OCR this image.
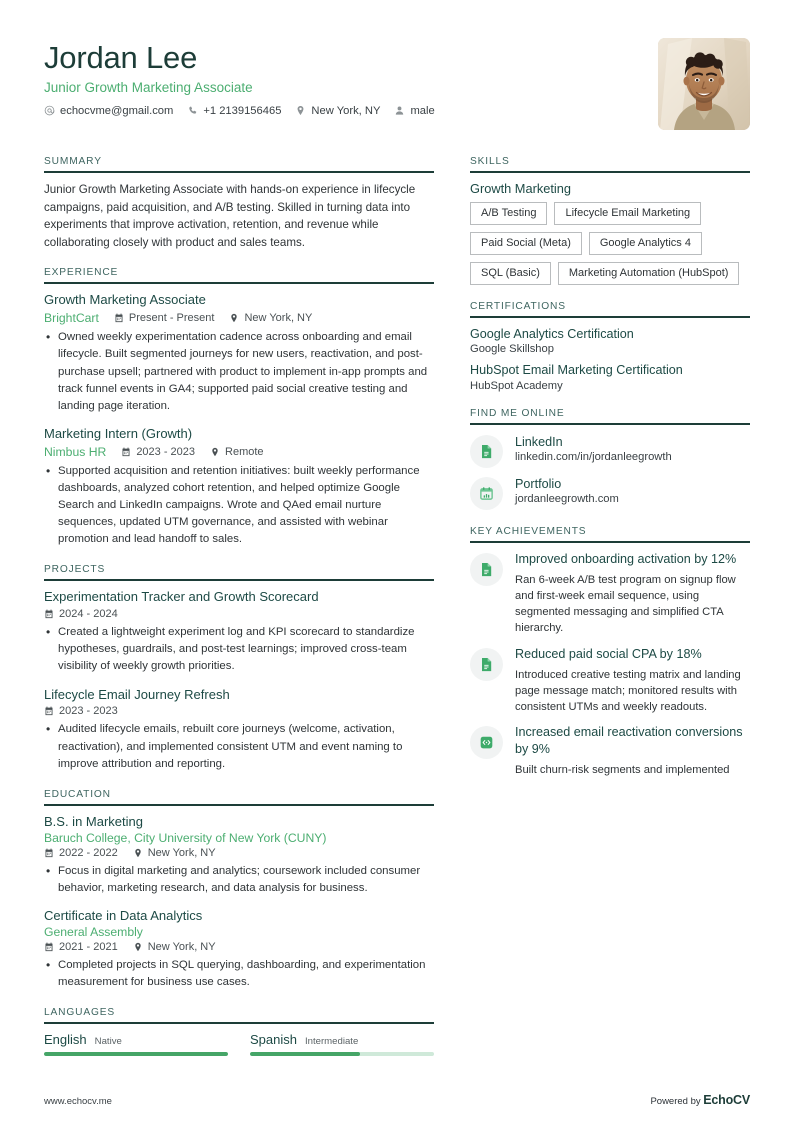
Jordan Lee
Junior Growth Marketing Associate
echocvme@gmail.com	+1 2139156465	New York, NY	male
SUMMARY
Junior Growth Marketing Associate with hands-on experience in lifecycle campaigns, paid acquisition, and A/B testing. Skilled in turning data into experiments that improve activation, retention, and revenue while collaborating closely with product and sales teams.
EXPERIENCE
Growth Marketing Associate
BrightCart	Present - Present	New York, NY
• Owned weekly experimentation cadence across onboarding and email lifecycle. Built segmented journeys for new users, reactivation, and post-purchase upsell; partnered with product to implement in-app prompts and track funnel events in GA4; supported paid social creative testing and landing page iteration.
Marketing Intern (Growth)
Nimbus HR	2023 - 2023	Remote
• Supported acquisition and retention initiatives: built weekly performance dashboards, analyzed cohort retention, and helped optimize Google Search and LinkedIn campaigns. Wrote and QAed email nurture sequences, updated UTM governance, and assisted with webinar promotion and lead handoff to sales.
PROJECTS
Experimentation Tracker and Growth Scorecard
2024 - 2024
• Created a lightweight experiment log and KPI scorecard to standardize hypotheses, guardrails, and post-test learnings; improved cross-team visibility of weekly growth priorities.
Lifecycle Email Journey Refresh
2023 - 2023
• Audited lifecycle emails, rebuilt core journeys (welcome, activation, reactivation), and implemented consistent UTM and event naming to improve attribution and reporting.
EDUCATION
B.S. in Marketing
Baruch College, City University of New York (CUNY)
2022 - 2022	New York, NY
• Focus in digital marketing and analytics; coursework included consumer behavior, marketing research, and data analysis for business.
Certificate in Data Analytics
General Assembly
2021 - 2021	New York, NY
• Completed projects in SQL querying, dashboarding, and experimentation measurement for business use cases.
LANGUAGES
English Native	Spanish Intermediate
SKILLS
Growth Marketing
A/B Testing	Lifecycle Email Marketing
Paid Social (Meta)	Google Analytics 4
SQL (Basic)	Marketing Automation (HubSpot)
CERTIFICATIONS
Google Analytics Certification
Google Skillshop
HubSpot Email Marketing Certification
HubSpot Academy
FIND ME ONLINE
LinkedIn
linkedin.com/in/jordanleegrowth
Portfolio
jordanleegrowth.com
KEY ACHIEVEMENTS
Improved onboarding activation by 12%
Ran 6-week A/B test program on signup flow and first-week email sequence, using segmented messaging and simplified CTA hierarchy.
Reduced paid social CPA by 18%
Introduced creative testing matrix and landing page message match; monitored results with consistent UTMs and weekly readouts.
Increased email reactivation conversions by 9%
Built churn-risk segments and implemented
www.echocv.me	Powered by EchoCV
